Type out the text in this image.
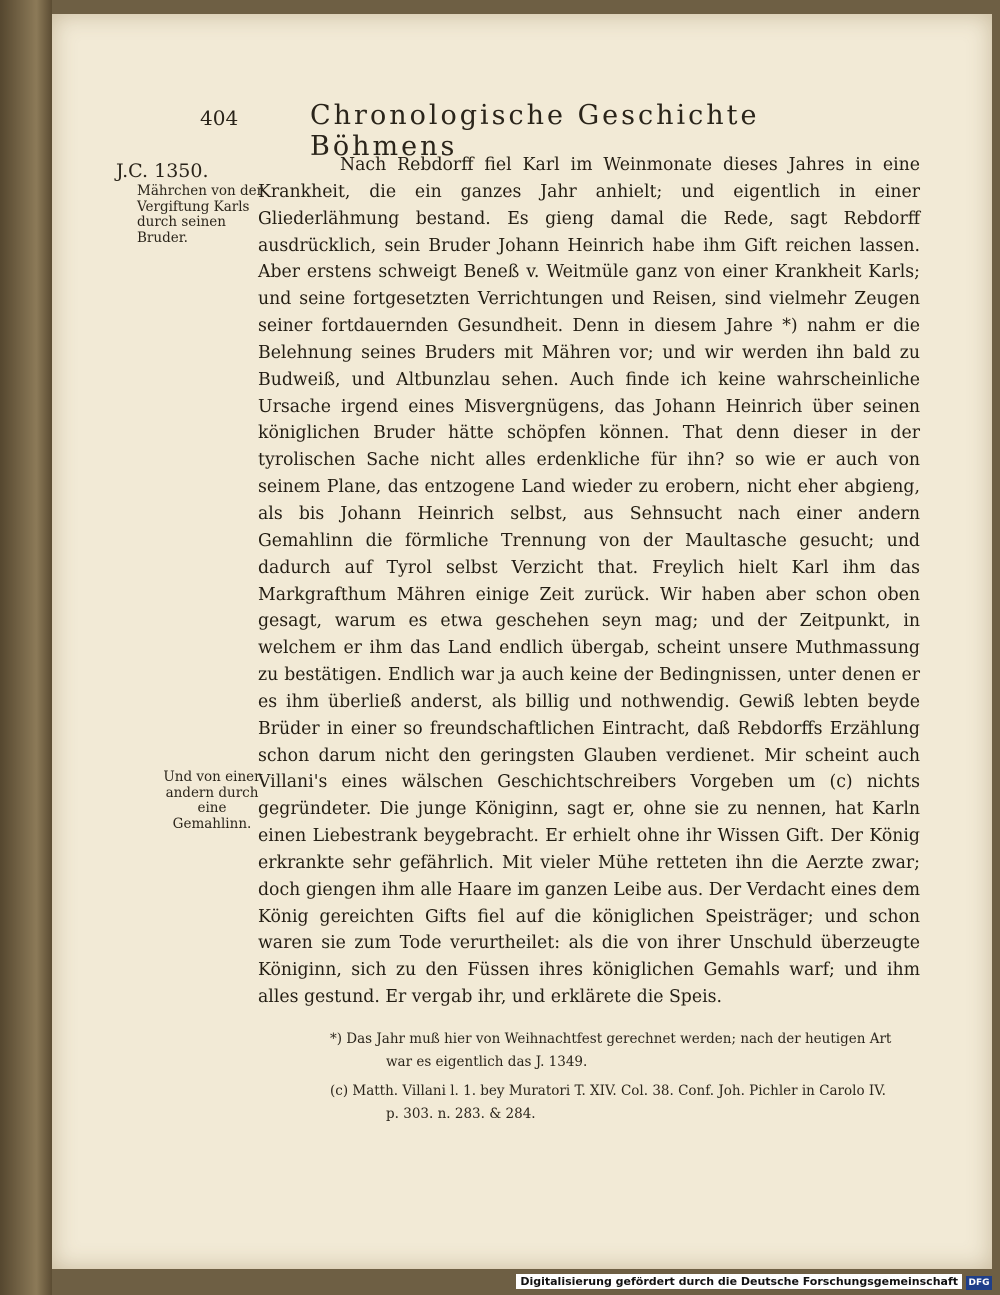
404	Chronologische Geschichte Böhmens
J.C. 1350.
Mährchen von der Vergiftung Karls durch seinen Bruder.
Und von einer andern durch eine Gemahlinn.

Nach Rebdorff fiel Karl im Weinmonate dieses Jahres in eine Krankheit, die ein ganzes Jahr anhielt; und eigentlich in einer Gliederlähmung bestand. Es gieng damal die Rede, sagt Rebdorff ausdrücklich, sein Bruder Johann Heinrich habe ihm Gift reichen lassen. Aber erstens schweigt Beneß v. Weitmüle ganz von einer Krankheit Karls; und seine fortgesetzten Verrichtungen und Reisen, sind vielmehr Zeugen seiner fortdauernden Gesundheit. Denn in diesem Jahre *) nahm er die Belehnung seines Bruders mit Mähren vor; und wir werden ihn bald zu Budweiß, und Altbunzlau sehen. Auch finde ich keine wahrscheinliche Ursache irgend eines Misvergnügens, das Johann Heinrich über seinen königlichen Bruder hätte schöpfen können. That denn dieser in der tyrolischen Sache nicht alles erdenkliche für ihn? so wie er auch von seinem Plane, das entzogene Land wieder zu erobern, nicht eher abgieng, als bis Johann Heinrich selbst, aus Sehnsucht nach einer andern Gemahlinn die förmliche Trennung von der Maultasche gesucht; und dadurch auf Tyrol selbst Verzicht that. Freylich hielt Karl ihm das Markgrafthum Mähren einige Zeit zurück. Wir haben aber schon oben gesagt, warum es etwa geschehen seyn mag; und der Zeitpunkt, in welchem er ihm das Land endlich übergab, scheint unsere Muthmassung zu bestätigen. Endlich war ja auch keine der Bedingnissen, unter denen er es ihm überließ anderst, als billig und nothwendig. Gewiß lebten beyde Brüder in einer so freundschaftlichen Eintracht, daß Rebdorffs Erzählung schon darum nicht den geringsten Glauben verdienet. Mir scheint auch Villani's eines wälschen Geschichtschreibers Vorgeben um (c) nichts gegründeter. Die junge Königinn, sagt er, ohne sie zu nennen, hat Karln einen Liebestrank beygebracht. Er erhielt ohne ihr Wissen Gift. Der König erkrankte sehr gefährlich. Mit vieler Mühe retteten ihn die Aerzte zwar; doch giengen ihm alle Haare im ganzen Leibe aus. Der Verdacht eines dem König gereichten Gifts fiel auf die königlichen Speisträger; und schon waren sie zum Tode verurtheilet: als die von ihrer Unschuld überzeugte Königinn, sich zu den Füssen ihres königlichen Gemahls warf; und ihm alles gestund. Er vergab ihr, und erklärete die Speis.

*) Das Jahr muß hier von Weihnachtfest gerechnet werden; nach der heutigen Art
war es eigentlich das J. 1349.

(c) Matth. Villani l. 1. bey Muratori T. XIV. Col. 38. Conf. Joh. Pichler in Carolo IV.
p. 303. n. 283. & 284.

Digitalisierung gefördert durch die Deutsche Forschungsgemeinschaft	DFG
